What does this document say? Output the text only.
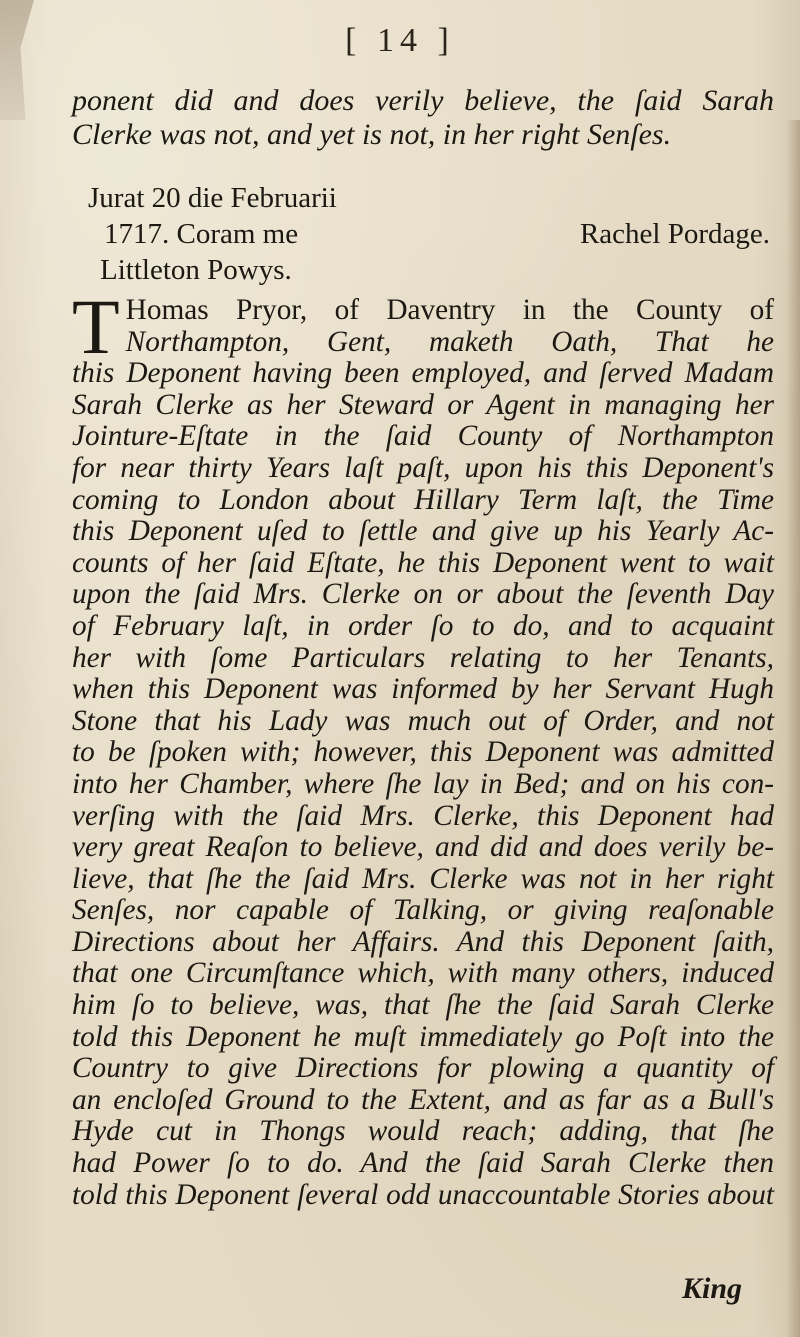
[ 14 ]
ponent did and does verily believe, the ſaid Sarah
Clerke was not, and yet is not, in her right Senſes.
Jurat 20 die Februarii
1717. Coram me	Rachel Pordage.
Littleton Powys.
T Homas Pryor, of Daventry in the County of
Northampton, Gent, maketh Oath, That he
this Deponent having been employed, and ſerved Madam
Sarah Clerke as her Steward or Agent in managing her
Jointure-Eſtate in the ſaid County of Northampton
for near thirty Years laſt paſt, upon his this Deponent's
coming to London about Hillary Term laſt, the Time
this Deponent uſed to ſettle and give up his Yearly Ac-
counts of her ſaid Eſtate, he this Deponent went to wait
upon the ſaid Mrs. Clerke on or about the ſeventh Day
of February laſt, in order ſo to do, and to acquaint
her with ſome Particulars relating to her Tenants,
when this Deponent was informed by her Servant Hugh
Stone that his Lady was much out of Order, and not
to be ſpoken with; however, this Deponent was admitted
into her Chamber, where ſhe lay in Bed; and on his con-
verſing with the ſaid Mrs. Clerke, this Deponent had
very great Reaſon to believe, and did and does verily be-
lieve, that ſhe the ſaid Mrs. Clerke was not in her right
Senſes, nor capable of Talking, or giving reaſonable
Directions about her Affairs. And this Deponent ſaith,
that one Circumſtance which, with many others, induced
him ſo to believe, was, that ſhe the ſaid Sarah Clerke
told this Deponent he muſt immediately go Poſt into the
Country to give Directions for plowing a quantity of
an encloſed Ground to the Extent, and as far as a Bull's
Hyde cut in Thongs would reach; adding, that ſhe
had Power ſo to do. And the ſaid Sarah Clerke then
told this Deponent ſeveral odd unaccountable Stories about
King
